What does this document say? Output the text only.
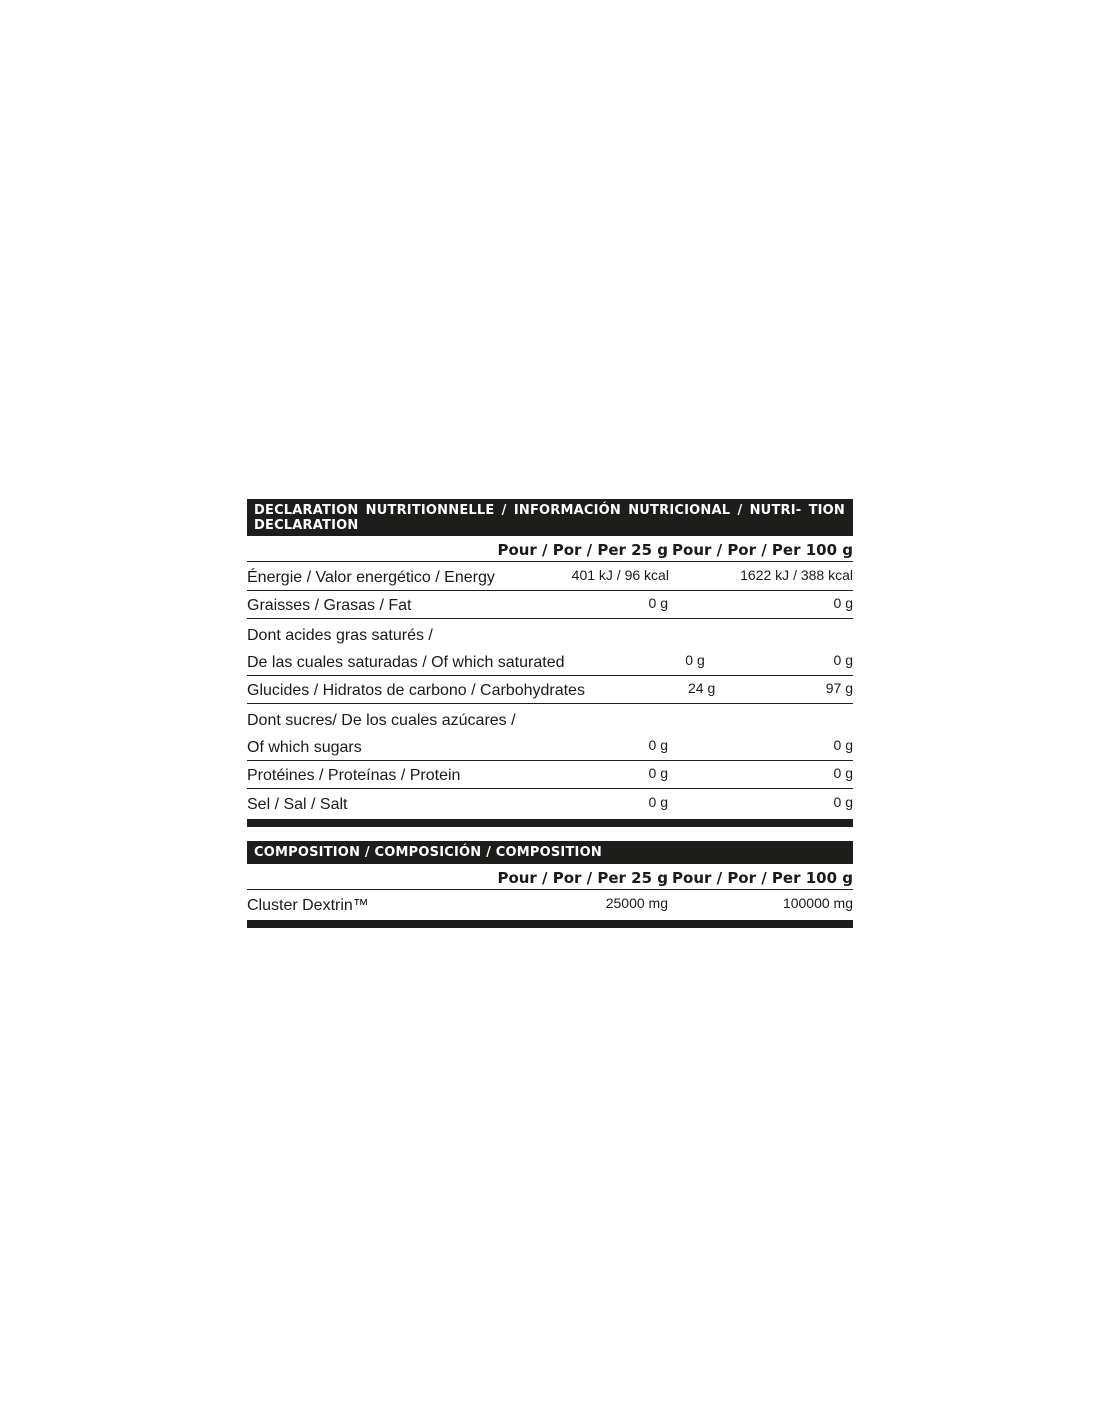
DECLARATION NUTRITIONNELLE / INFORMACIÓN NUTRICIONAL / NUTRI- TION DECLARATION
Pour / Por / Per 25 g Pour / Por / Per 100 g
Énergie / Valor energético / Energy	401 kJ / 96 kcal	1622 kJ / 388 kcal
Graisses / Grasas / Fat	0 g	0 g
Dont acides gras saturés /
De las cuales saturadas / Of which saturated	0 g	0 g
Glucides / Hidratos de carbono / Carbohydrates	24 g	97 g
Dont sucres/ De los cuales azúcares /
Of which sugars	0 g	0 g
Protéines / Proteínas / Protein	0 g	0 g
Sel / Sal / Salt	0 g	0 g
COMPOSITION / COMPOSICIÓN / COMPOSITION
Pour / Por / Per 25 g Pour / Por / Per 100 g
Cluster Dextrin™	25000 mg	100000 mg
